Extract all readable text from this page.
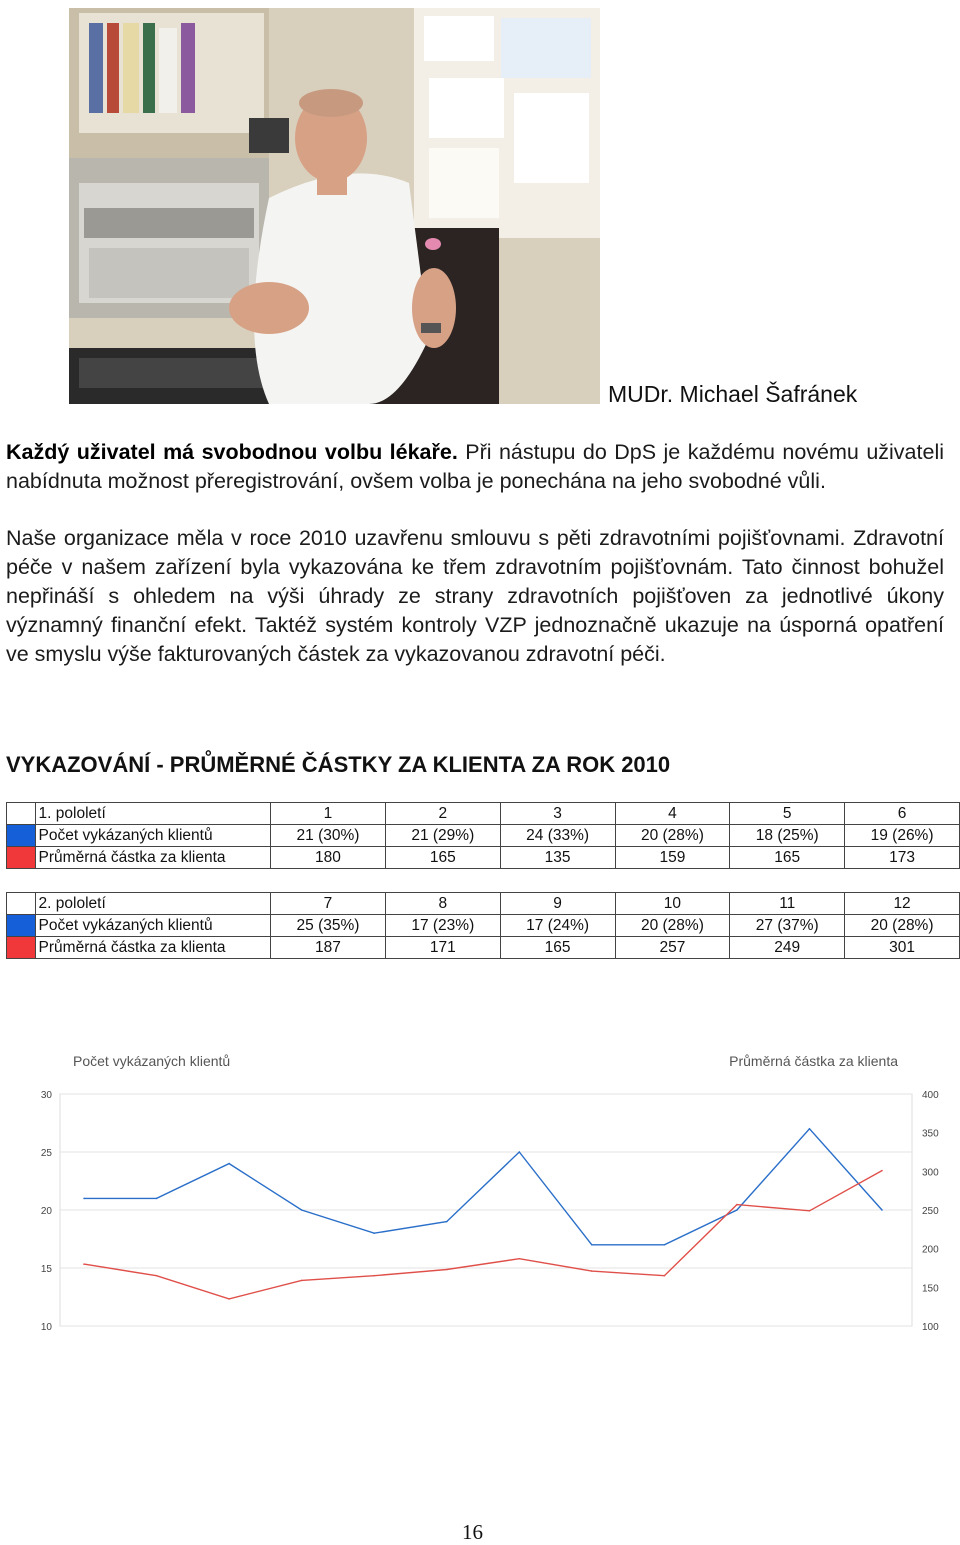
MUDr. Michael Šafránek
Každý uživatel má svobodnou volbu lékaře. Při nástupu do DpS je každému novému uživateli nabídnuta možnost přeregistrování, ovšem volba je ponechána na jeho svobodné vůli.
Naše organizace měla v roce 2010 uzavřenu smlouvu s pěti zdravotními pojišťovnami. Zdravotní péče v našem zařízení byla vykazována ke třem zdravotním pojišťovnám. Tato činnost bohužel nepřináší s ohledem na výši úhrady ze strany zdravotních pojišťoven za jednotlivé úkony významný finanční efekt. Taktéž systém kontroly VZP jednoznačně ukazuje na úsporná opatření ve smyslu výše fakturovaných částek za vykazovanou zdravotní péči.
VYKAZOVÁNÍ - PRŮMĚRNÉ ČÁSTKY ZA KLIENTA ZA ROK 2010
	1. pololetí	1	2	3	4	5	6
	Počet vykázaných klientů	21 (30%)	21 (29%)	24 (33%)	20 (28%)	18 (25%)	19 (26%)
	Průměrná částka za klienta	180	165	135	159	165	173
	2. pololetí	7	8	9	10	11	12
	Počet vykázaných klientů	25 (35%)	17 (23%)	17 (24%)	20 (28%)	27 (37%)	20 (28%)
	Průměrná částka za klienta	187	171	165	257	249	301
10
15
20
25
30
100
150
200
250
300
350
400
Počet vykázaných klientů	Průměrná částka za klienta
16
